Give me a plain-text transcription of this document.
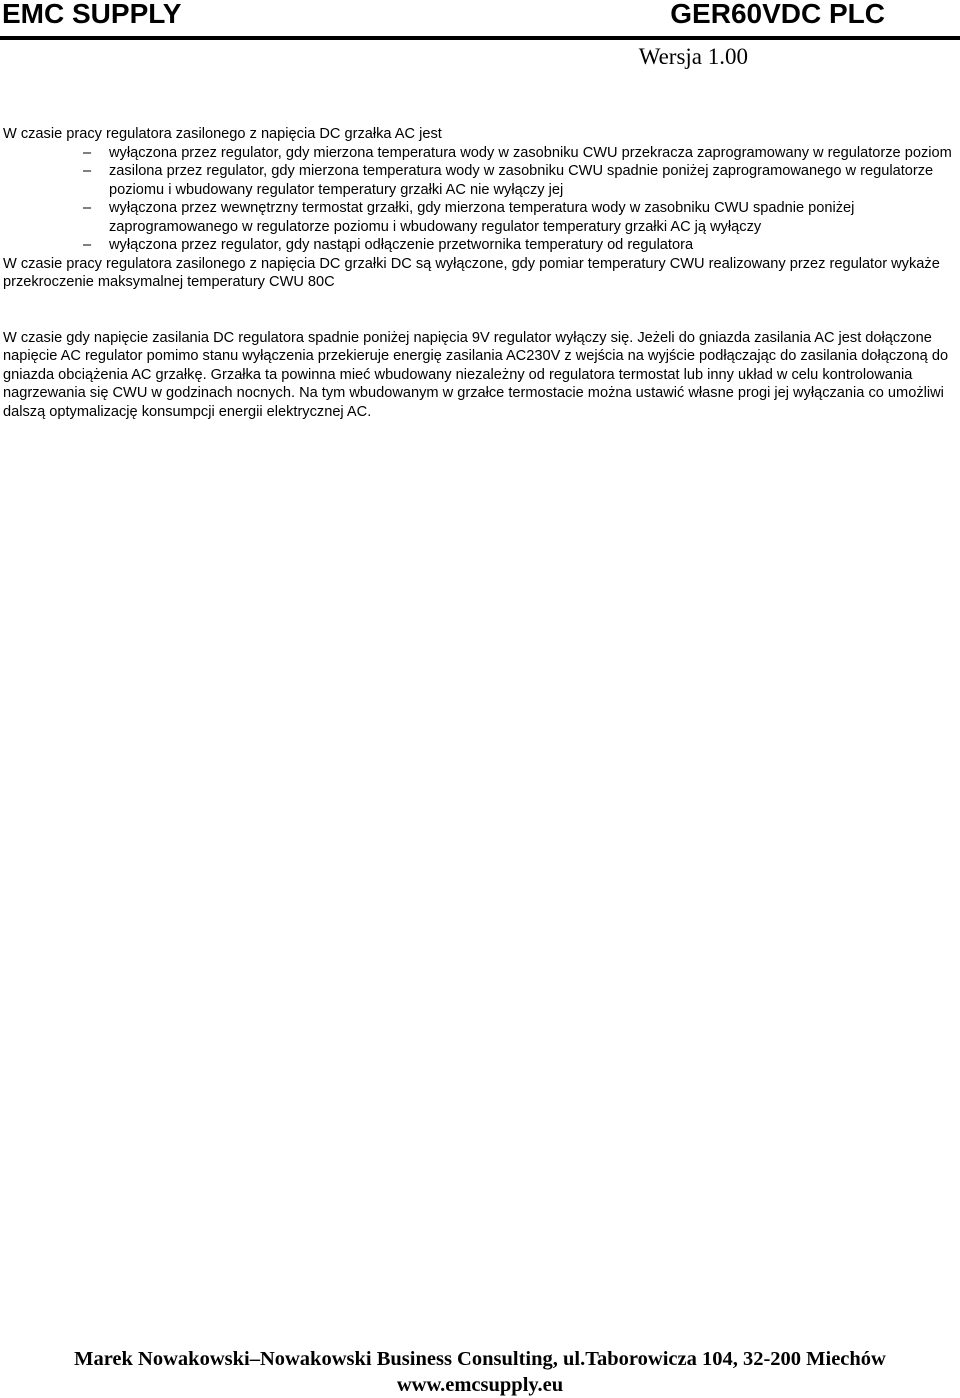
EMC SUPPLY	GER60VDC PLC
Wersja 1.00

W czasie pracy regulatora zasilonego z napięcia DC grzałka AC jest

– wyłączona przez regulator, gdy mierzona temperatura wody w zasobniku CWU przekracza zaprogramowany w regulatorze poziom
– zasilona przez regulator, gdy mierzona temperatura wody w zasobniku CWU spadnie poniżej zaprogramowanego w regulatorze poziomu i wbudowany regulator temperatury grzałki AC nie wyłączy jej
– wyłączona przez wewnętrzny termostat grzałki, gdy mierzona temperatura wody w zasobniku CWU spadnie poniżej zaprogramowanego w regulatorze poziomu i wbudowany regulator temperatury grzałki AC ją wyłączy
– wyłączona przez regulator, gdy nastąpi odłączenie przetwornika temperatury od regulatora

W czasie pracy regulatora zasilonego z napięcia DC grzałki DC są wyłączone, gdy pomiar temperatury CWU realizowany przez regulator wykaże przekroczenie maksymalnej temperatury CWU 80C

W czasie gdy napięcie zasilania DC regulatora spadnie poniżej napięcia 9V regulator wyłączy się. Jeżeli do gniazda zasilania AC jest dołączone napięcie AC regulator pomimo stanu wyłączenia przekieruje energię zasilania AC230V z wejścia na wyjście podłączając do zasilania dołączoną do gniazda obciążenia AC grzałkę. Grzałka ta powinna mieć wbudowany niezależny od regulatora termostat lub inny układ w celu kontrolowania nagrzewania się CWU w godzinach nocnych. Na tym wbudowanym w grzałce termostacie można ustawić własne progi jej wyłączania co umożliwi dalszą optymalizację konsumpcji energii elektrycznej AC.

Marek Nowakowski–Nowakowski Business Consulting, ul.Taborowicza 104, 32-200 Miechów
www.emcsupply.eu
